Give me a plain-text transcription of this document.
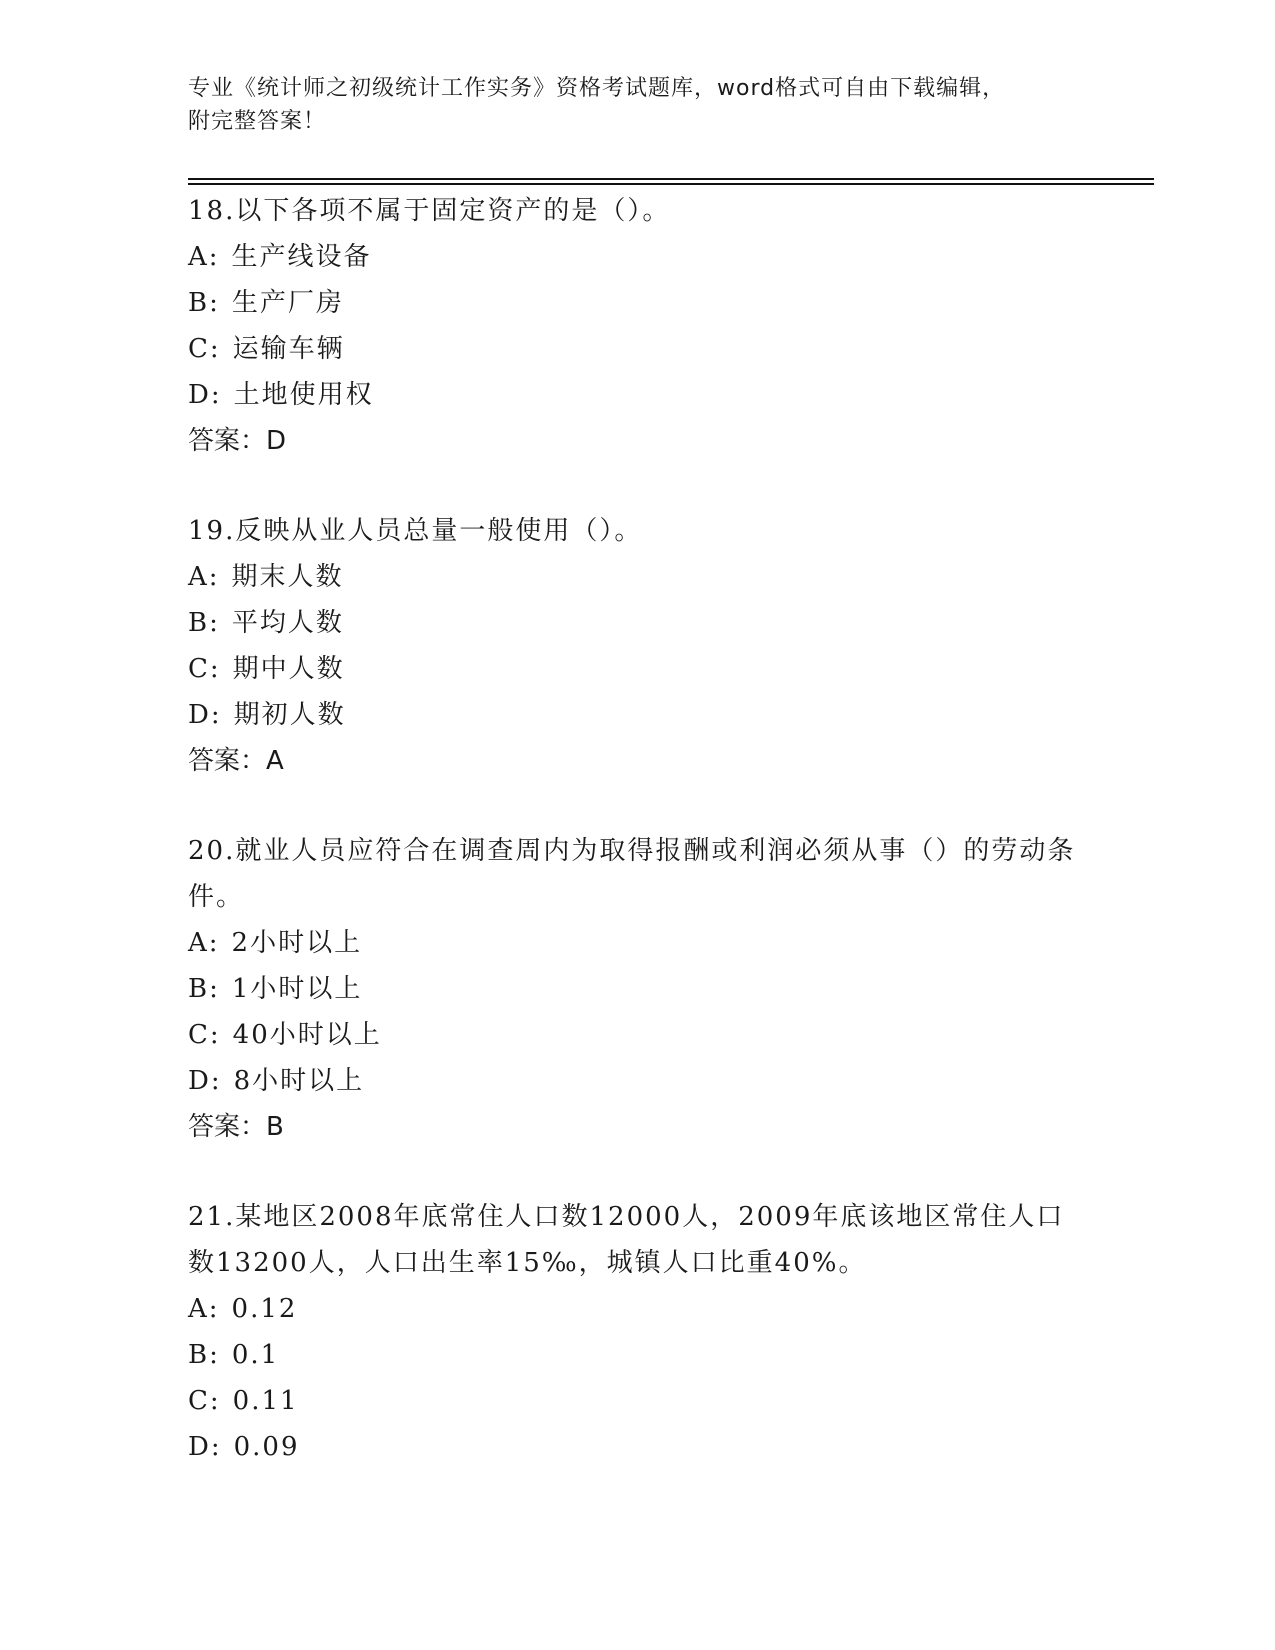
专业《统计师之初级统计工作实务》资格考试题库，word格式可自由下载编辑，
附完整答案！

18.以下各项不属于固定资产的是（）。

A: 生产线设备

B: 生产厂房

C: 运输车辆

D: 土地使用权

答案：D

19.反映从业人员总量一般使用（）。

A: 期末人数

B: 平均人数

C: 期中人数

D: 期初人数

答案：A

20.就业人员应符合在调查周内为取得报酬或利润必须从事（）的劳动条件。

A: 2小时以上

B: 1小时以上

C: 40小时以上

D: 8小时以上

答案：B

21.某地区2008年底常住人口数12000人，2009年底该地区常住人口数13200人，人口出生率15‰，城镇人口比重40%。

A: 0.12

B: 0.1

C: 0.11

D: 0.09
